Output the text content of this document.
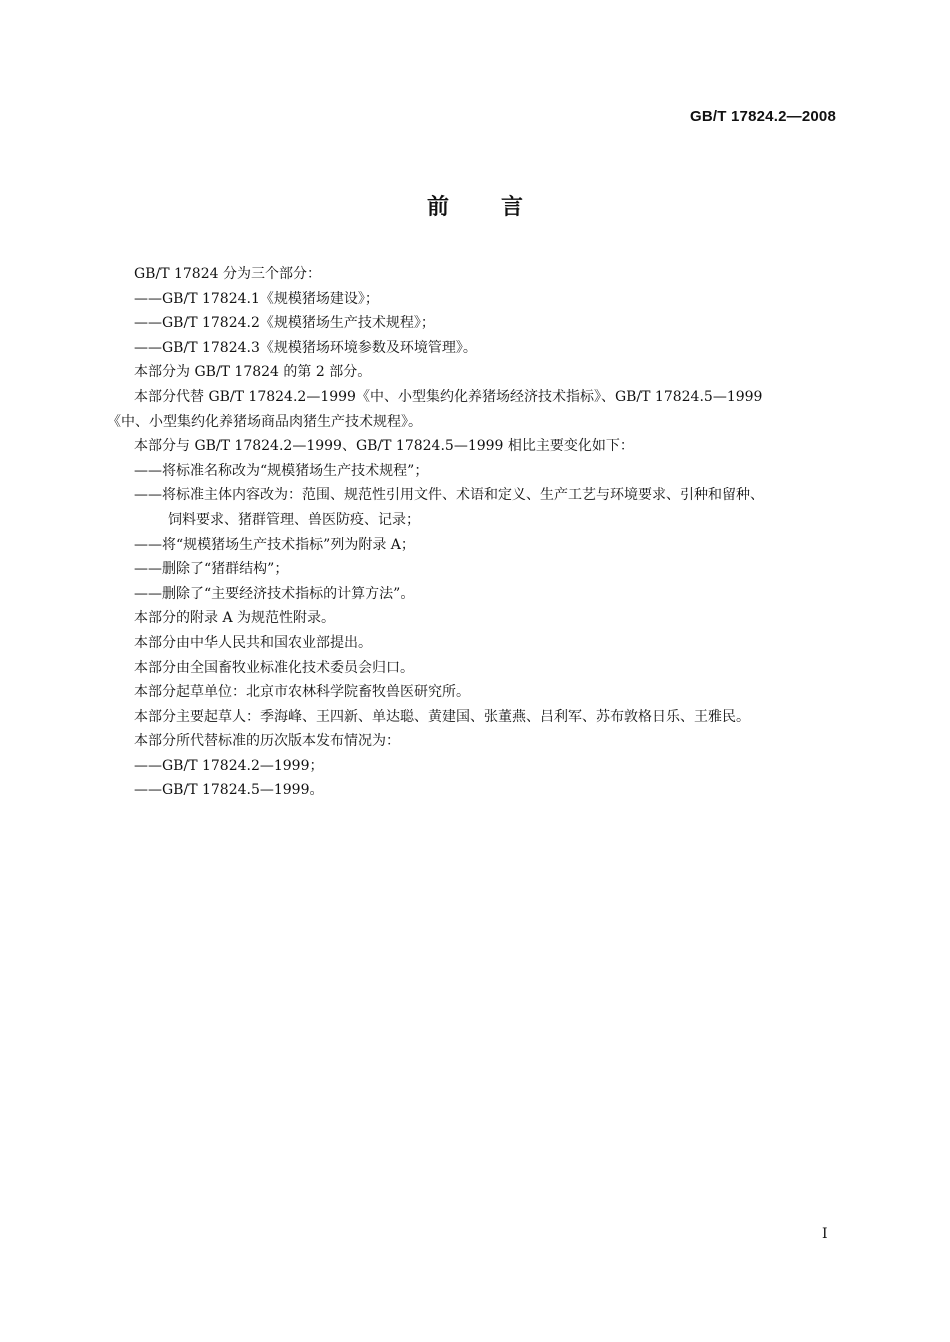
GB/T 17824.2—2008
前言
GB/T 17824 分为三个部分：
——GB/T 17824.1《规模猪场建设》；
——GB/T 17824.2《规模猪场生产技术规程》；
——GB/T 17824.3《规模猪场环境参数及环境管理》。
本部分为 GB/T 17824 的第 2 部分。
本部分代替 GB/T 17824.2—1999《中、小型集约化养猪场经济技术指标》、GB/T 17824.5—1999
《中、小型集约化养猪场商品肉猪生产技术规程》。
本部分与 GB/T 17824.2—1999、GB/T 17824.5—1999 相比主要变化如下：
——将标准名称改为“规模猪场生产技术规程”；
——将标准主体内容改为：范围、规范性引用文件、术语和定义、生产工艺与环境要求、引种和留种、
饲料要求、猪群管理、兽医防疫、记录；
——将“规模猪场生产技术指标”列为附录 A；
——删除了“猪群结构”；
——删除了“主要经济技术指标的计算方法”。
本部分的附录 A 为规范性附录。
本部分由中华人民共和国农业部提出。
本部分由全国畜牧业标准化技术委员会归口。
本部分起草单位：北京市农林科学院畜牧兽医研究所。
本部分主要起草人：季海峰、王四新、单达聪、黄建国、张董燕、吕利军、苏布敦格日乐、王雅民。
本部分所代替标准的历次版本发布情况为：
——GB/T 17824.2—1999；
——GB/T 17824.5—1999。
I
